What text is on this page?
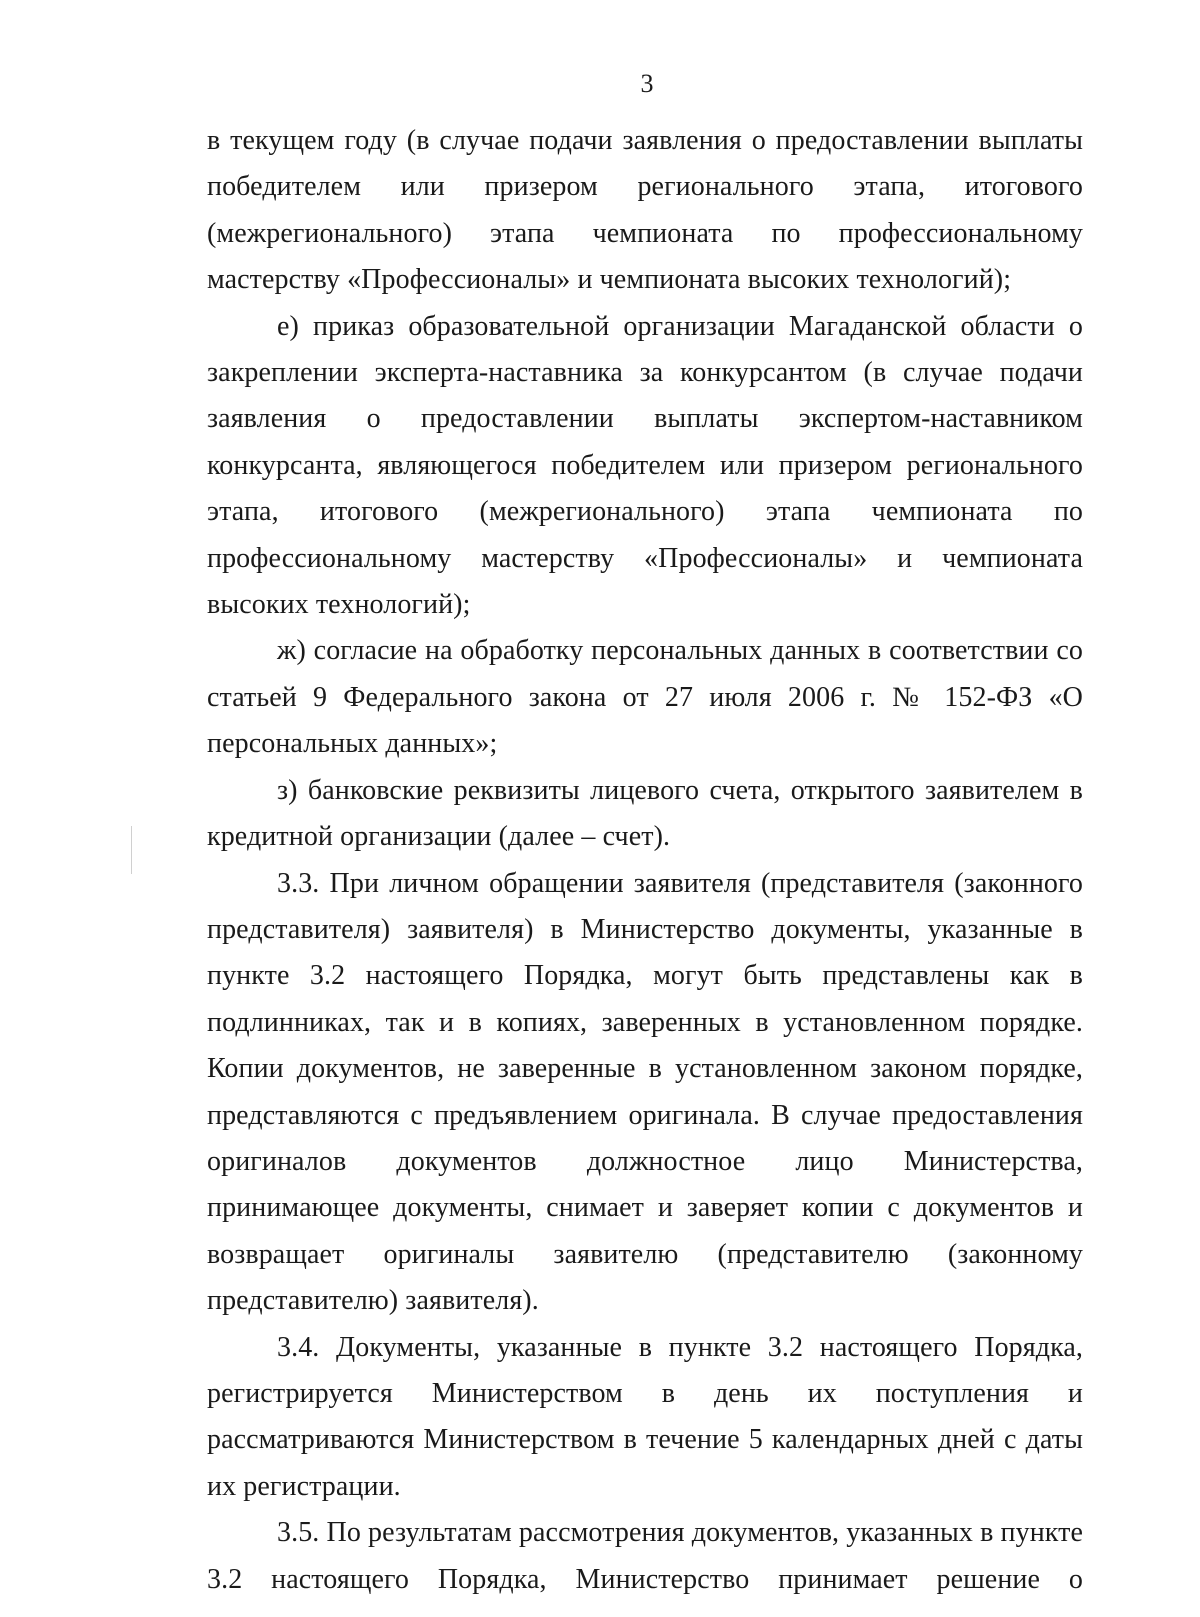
3

в текущем году (в случае подачи заявления о предоставлении выплаты победителем или призером регионального этапа, итогового (межрегионального) этапа чемпионата по профессиональному мастерству «Профессионалы» и чемпионата высоких технологий);

е) приказ образовательной организации Магаданской области о закреплении эксперта-наставника за конкурсантом (в случае подачи заявления о предоставлении выплаты экспертом-наставником конкурсанта, являющегося победителем или призером регионального этапа, итогового (межрегионального) этапа чемпионата по профессиональному мастерству «Профессионалы» и чемпионата высоких технологий);

ж) согласие на обработку персональных данных в соответствии со статьей 9 Федерального закона от 27 июля 2006 г. № 152-ФЗ «О персональных данных»;

з) банковские реквизиты лицевого счета, открытого заявителем в кредитной организации (далее – счет).

3.3. При личном обращении заявителя (представителя (законного представителя) заявителя) в Министерство документы, указанные в пункте 3.2 настоящего Порядка, могут быть представлены как в подлинниках, так и в копиях, заверенных в установленном порядке. Копии документов, не заверенные в установленном законом порядке, представляются с предъявлением оригинала. В случае предоставления оригиналов документов должностное лицо Министерства, принимающее документы, снимает и заверяет копии с документов и возвращает оригиналы заявителю (представителю (законному представителю) заявителя).

3.4. Документы, указанные в пункте 3.2 настоящего Порядка, регистрируется Министерством в день их поступления и рассматриваются Министерством в течение 5 календарных дней с даты их регистрации.

3.5. По результатам рассмотрения документов, указанных в пункте 3.2 настоящего Порядка, Министерство принимает решение о
